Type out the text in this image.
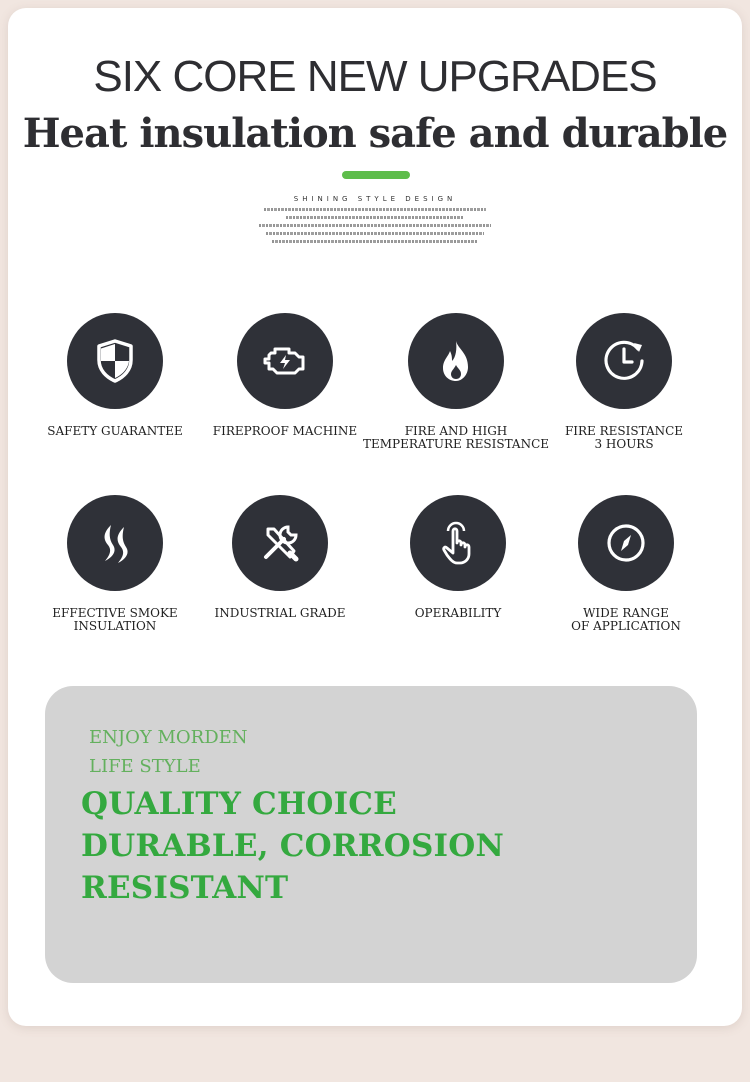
SIX CORE NEW UPGRADES
Heat insulation safe and durable
SHINING STYLE DESIGN
SAFETY GUARANTEE	FIREPROOF MACHINE	FIRE AND HIGH
TEMPERATURE RESISTANCE
FIRE RESISTANCE
3 HOURS
EFFECTIVE SMOKE
INSULATION
INDUSTRIAL GRADE	OPERABILITY	WIDE RANGE
OF APPLICATION

ENJOY MORDEN

LIFE STYLE

QUALITY CHOICE

DURABLE, CORROSION

RESISTANT
